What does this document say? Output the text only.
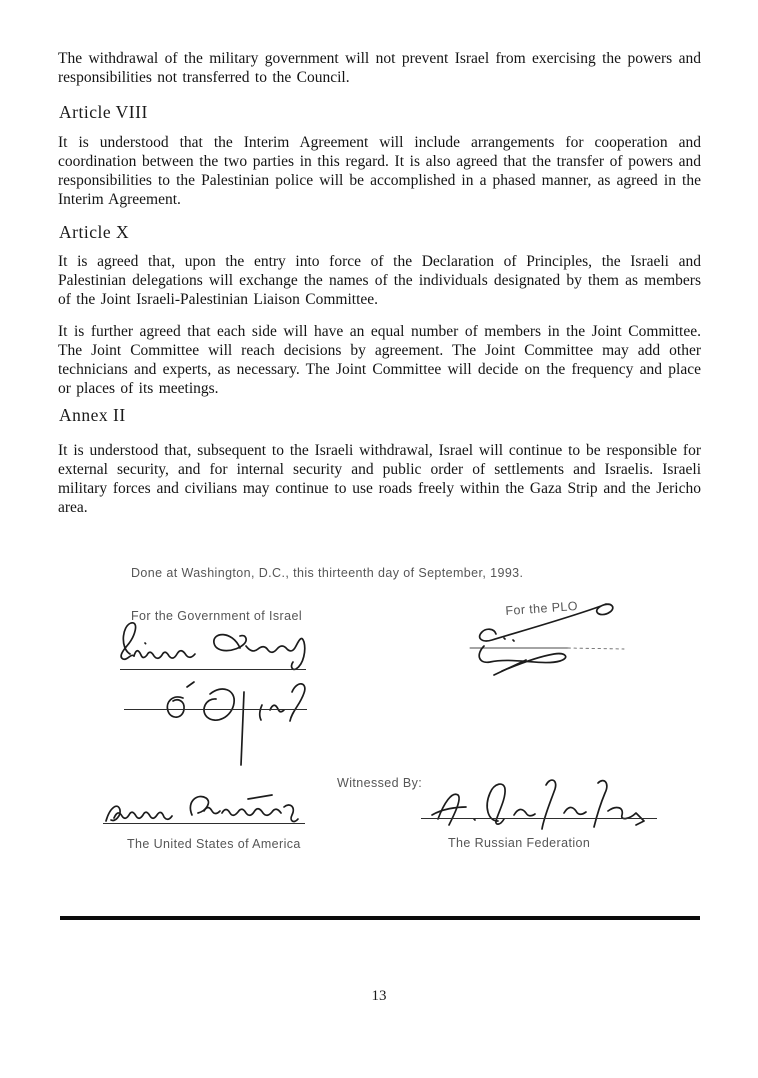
The withdrawal of the military government will not prevent Israel from exercising the powers and responsibilities not transferred to the Council.
Article VIII
It is understood that the Interim Agreement will include arrangements for cooperation and coordination between the two parties in this regard. It is also agreed that the transfer of powers and responsibilities to the Palestinian police will be accomplished in a phased manner, as agreed in the Interim Agreement.
Article X
It is agreed that, upon the entry into force of the Declaration of Principles, the Israeli and Palestinian delegations will exchange the names of the individuals designated by them as members of the Joint Israeli-Palestinian Liaison Committee.
It is further agreed that each side will have an equal number of members in the Joint Committee. The Joint Committee will reach decisions by agreement. The Joint Committee may add other technicians and experts, as necessary. The Joint Committee will decide on the frequency and place or places of its meetings.
Annex II
It is understood that, subsequent to the Israeli withdrawal, Israel will continue to be responsible for external security, and for internal security and public order of settlements and Israelis. Israeli military forces and civilians may continue to use roads freely within the Gaza Strip and the Jericho area.
Done at Washington, D.C., this thirteenth day of September, 1993.
For the Government of Israel	For the PLO
Witnessed By:
The United States of America	The Russian Federation
13
